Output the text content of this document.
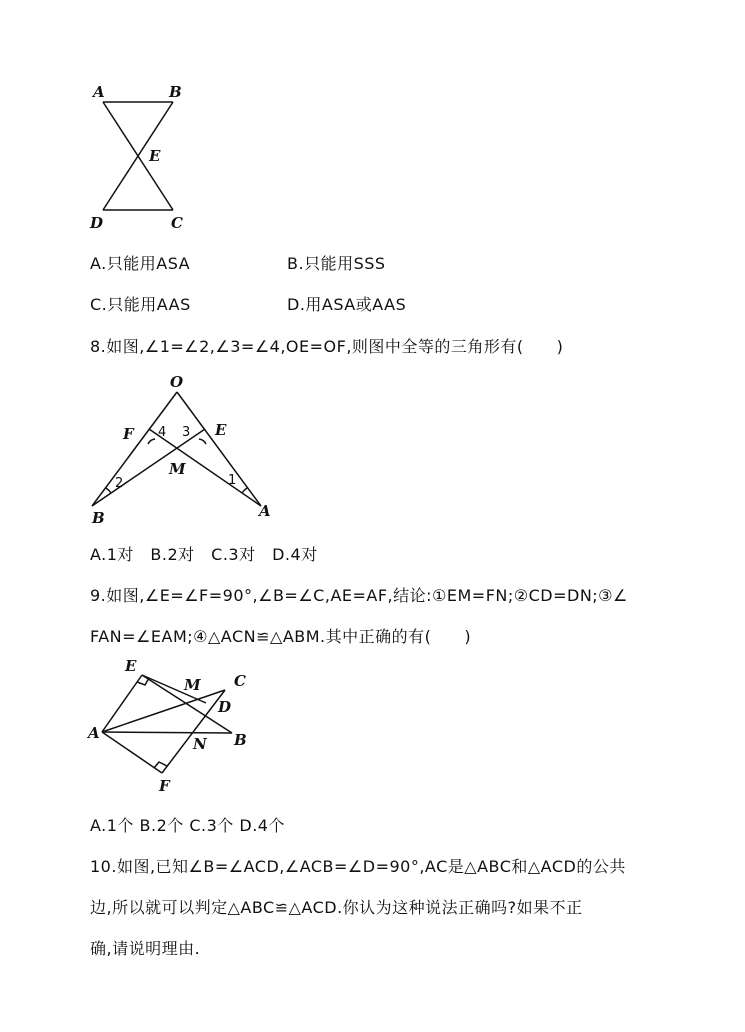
A	B
E
D	C
A.只能用ASA	B.只能用SSS
C.只能用AAS	D.用ASA或AAS
8.如图,∠1=∠2,∠3=∠4,OE=OF,则图中全等的三角形有(　　)
O
F	E
M
B	A
4 3
2	1
A.1对　B.2对　C.3对　D.4对
9.如图,∠E=∠F=90°,∠B=∠C,AE=AF,结论:①EM=FN;②CD=DN;③∠
FAN=∠EAM;④△ACN≌△ABM.其中正确的有(　　)
E
M C
D
A
N B
F
A.1个 B.2个 C.3个 D.4个
10.如图,已知∠B=∠ACD,∠ACB=∠D=90°,AC是△ABC和△ACD的公共
边,所以就可以判定△ABC≌△ACD.你认为这种说法正确吗?如果不正
确,请说明理由.
